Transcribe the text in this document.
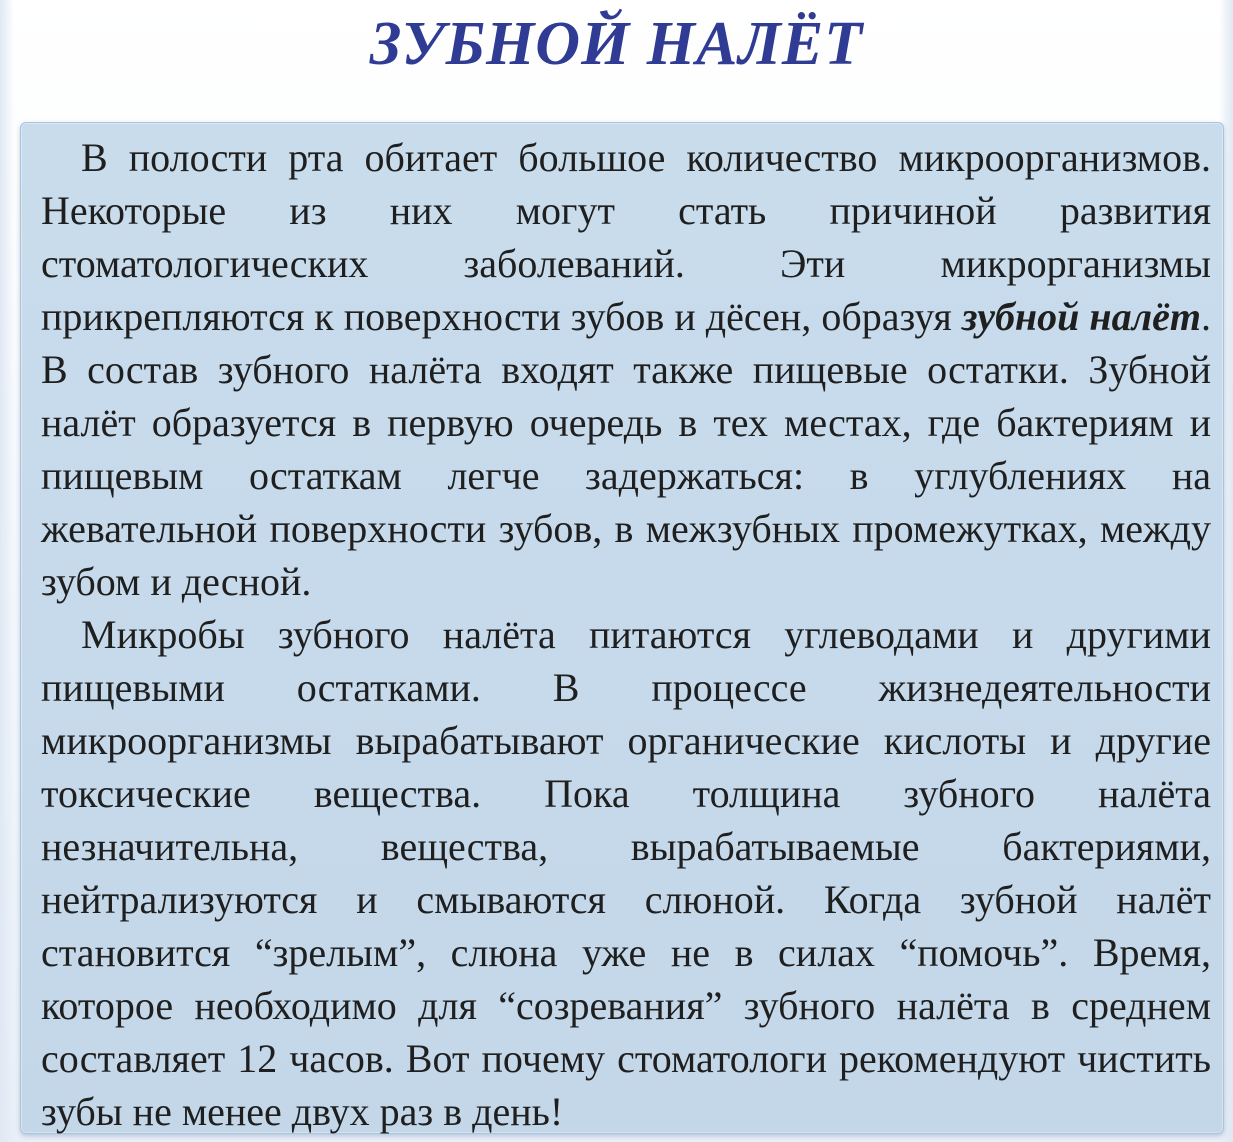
ЗУБНОЙ НАЛЁТ

В полости рта обитает большое количество микроорганизмов. Некоторые из них могут стать причиной развития стоматологических заболеваний. Эти микрорганизмы прикрепляются к поверхности зубов и дёсен, образуя зубной налёт. В состав зубного налёта входят также пищевые остатки. Зубной налёт образуется в первую очередь в тех местах, где бактериям и пищевым остаткам легче задержаться: в углублениях на жевательной поверхности зубов, в межзубных промежутках, между зубом и десной.

Микробы зубного налёта питаются углеводами и другими пищевыми остатками. В процессе жизнедеятельности микроорганизмы вырабатывают органические кислоты и другие токсические вещества. Пока толщина зубного налёта незначительна, вещества, вырабатываемые бактериями, нейтрализуются и смываются слюной. Когда зубной налёт становится “зрелым”, слюна уже не в силах “помочь”. Время, которое необходимо для “созревания” зубного налёта в среднем составляет 12 часов. Вот почему стоматологи рекомендуют чистить зубы не менее двух раз в день!
